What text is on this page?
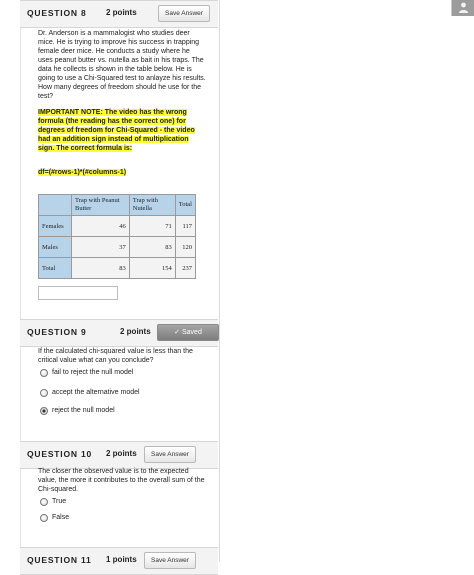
QUESTION 8 2 points	Save Answer
Dr. Anderson is a mammalogist who studies deer mice. He is trying to improve his success in trapping female deer mice. He conducts a study where he uses peanut butter vs. nutella as bait in his traps. The data he collects is shown in the table below. He is going to use a Chi-Squared test to anlayze his results. How many degrees of freedom should he use for the test?
IMPORTANT NOTE: The video has the wrong formula (the reading has the correct one) for degrees of freedom for Chi-Squared - the video had an addition sign instead of multiplication sign. The correct formula is:
df=(#rows-1)*(#columns-1)
	Trap with Peanut Butter	Trap with Nutella	Total
Females	46	71	117
Males	37	83	120
Total	83	154	237
QUESTION 9	2 points	✓ Saved
If the calculated chi-squared value is less than the critical value what can you conclude?
fail to reject the null model
accept the alternative model
reject the null model
QUESTION 10 2 points	Save Answer
The closer the observed value is to the expected value, the more it contributes to the overall sum of the Chi-squared.
True
False
QUESTION 11 1 points	Save Answer
